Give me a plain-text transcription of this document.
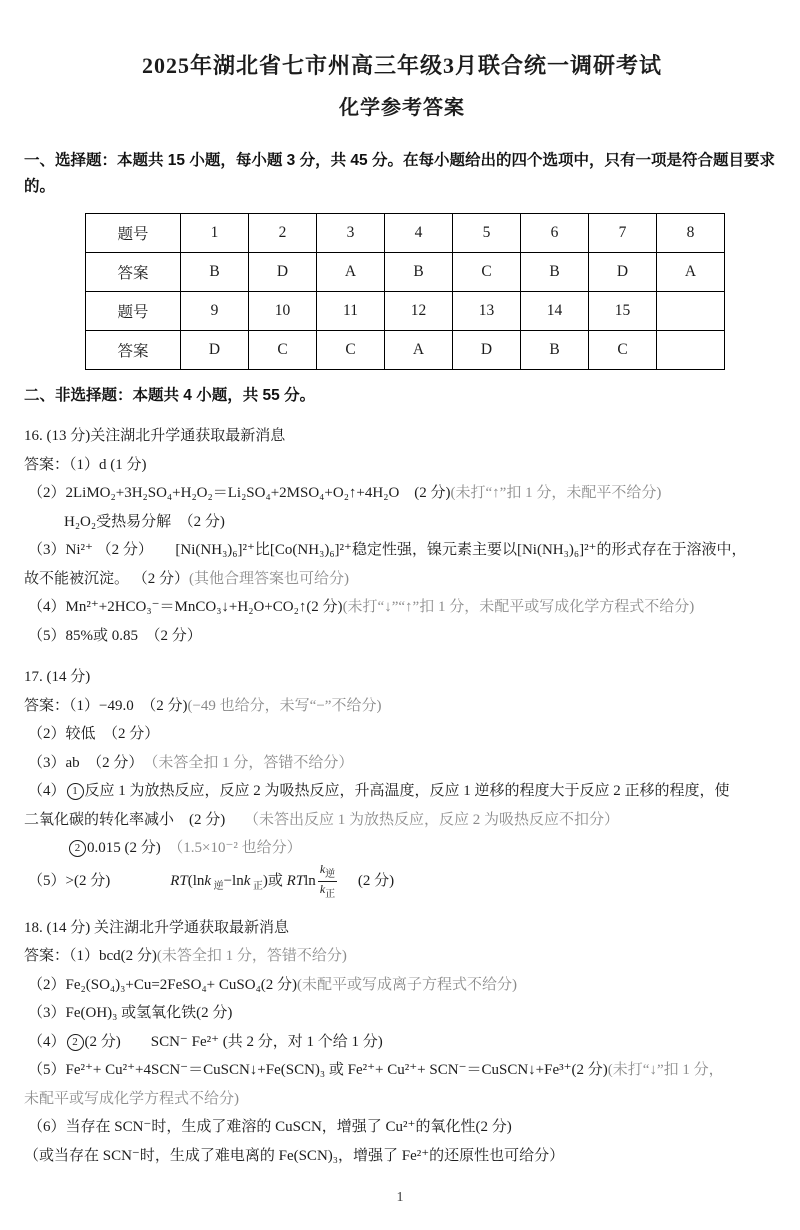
2025年湖北省七市州高三年级3月联合统一调研考试
化学参考答案
一、选择题：本题共 15 小题，每小题 3 分，共 45 分。在每小题给出的四个选项中，只有一项是符合题目要求的。
题号	1	2	3	4	5	6	7	8
答案	B	D	A	B	C	B	D	A
题号	9	10	11	12	13	14	15	
答案	D	C	C	A	D	B	C	
二、非选择题：本题共 4 小题，共 55 分。
16. (13 分)关注湖北升学通获取最新消息
答案：（1）d (1 分)
（2）2LiMO₂+3H₂SO₄+H₂O₂＝Li₂SO₄+2MSO₄+O₂↑+4H₂O　(2 分)(未打“↑”扣 1 分，未配平不给分)
H₂O₂受热易分解　（2 分)
（3）Ni²⁺ （2 分）　　[Ni(NH₃)₆]²⁺比[Co(NH₃)₆]²⁺稳定性强，镍元素主要以[Ni(NH₃)₆]²⁺的形式存在于溶液中，
故不能被沉淀。 （2 分）(其他合理答案也可给分)
（4）Mn²⁺+2HCO₃⁻＝MnCO₃↓+H₂O+CO₂↑(2 分)(未打“↓”“↑”扣 1 分，未配平或写成化学方程式不给分)
（5）85%或 0.85　（2 分）
17. (14 分)
答案：（1）−49.0　（2 分)(−49 也给分，未写“−”不给分)
（2）较低　（2 分）
（3）ab　（2 分）　（未答全扣 1 分，答错不给分）
（4） 1 反应 1 为放热反应，反应 2 为吸热反应，升高温度，反应 1 逆移的程度大于反应 2 正移的程度，使
二氧化碳的转化率减小　(2 分)　 （未答出反应 1 为放热反应，反应 2 为吸热反应不扣分）
2 0.015 (2 分)　（1.5×10⁻² 也给分）
（5）>(2 分)　　　　RT(lnk $_逆$−lnk $_正$)或 RTln $\frac{k_逆}{k_正}$ 　 (2 分)
18. (14 分) 关注湖北升学通获取最新消息
答案：（1）bcd(2 分)(未答全扣 1 分，答错不给分)
（2）Fe₂(SO₄)₃+Cu=2FeSO₄+ CuSO₄(2 分)(未配平或写成离子方程式不给分)
（3）Fe(OH)₃ 或氢氧化铁(2 分)
（4） 2 (2 分)　　SCN⁻ Fe²⁺ (共 2 分，对 1 个给 1 分)
（5）Fe²⁺+ Cu²⁺+4SCN⁻＝CuSCN↓+Fe(SCN)₃ 或 Fe²⁺+ Cu²⁺+ SCN⁻＝CuSCN↓+Fe³⁺(2 分)(未打“↓”扣 1 分，
未配平或写成化学方程式不给分)
（6）当存在 SCN⁻时，生成了难溶的 CuSCN，增强了 Cu²⁺的氧化性(2 分)
（或当存在 SCN⁻时，生成了难电离的 Fe(SCN)₃，增强了 Fe²⁺的还原性也可给分）
1
